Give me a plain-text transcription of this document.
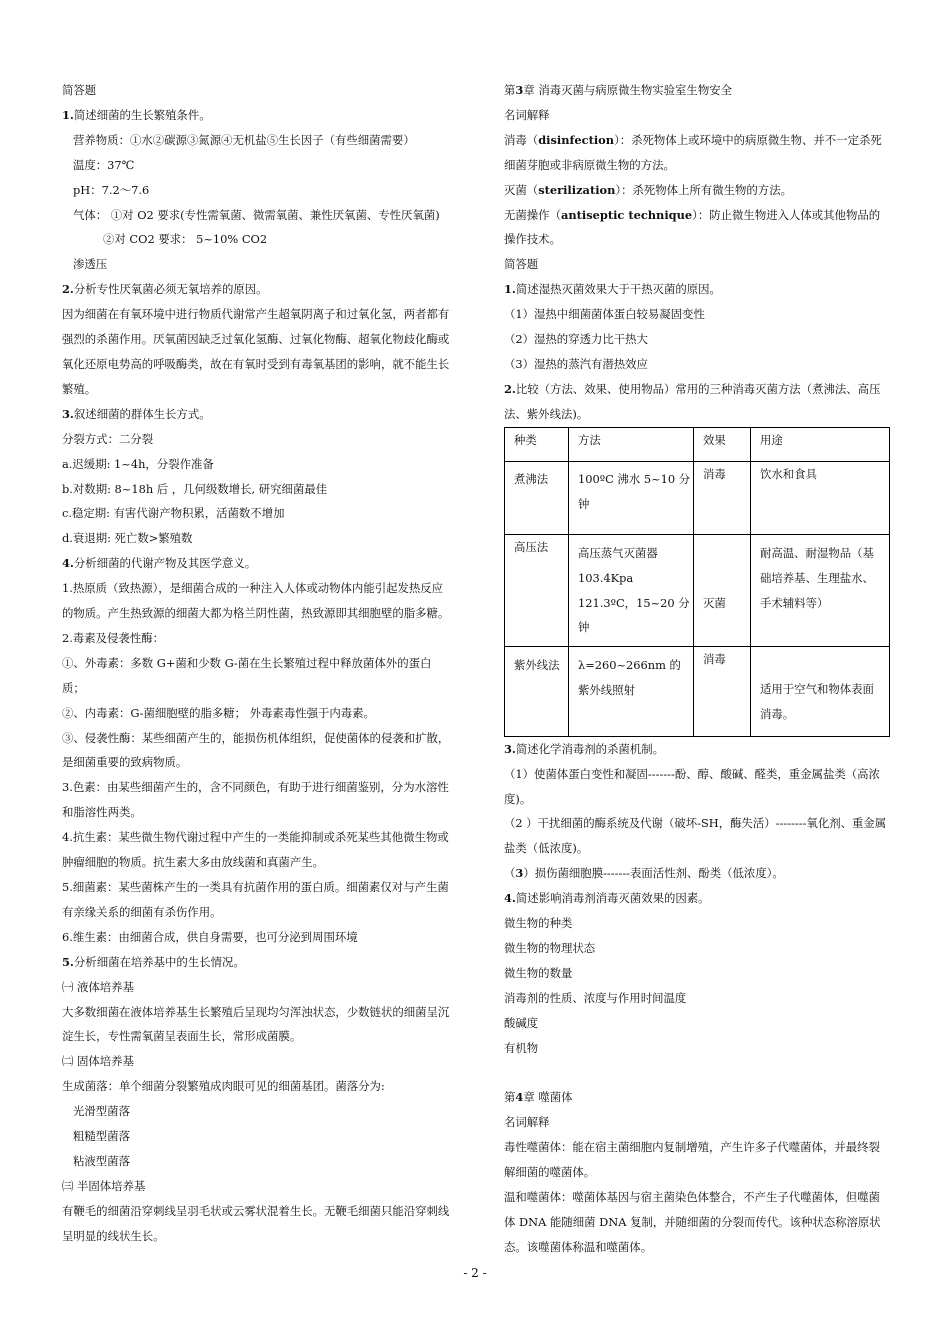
简答题

1.简述细菌的生长繁殖条件。

营养物质：①水②碳源③氮源④无机盐⑤生长因子（有些细菌需要）

温度：37℃

pH：7.2～7.6

气体： ①对 O2 要求(专性需氧菌、微需氧菌、兼性厌氧菌、专性厌氧菌)

②对 CO2 要求： 5~10% CO2

渗透压

2.分析专性厌氧菌必须无氧培养的原因。

因为细菌在有氧环境中进行物质代谢常产生超氧阴离子和过氧化氢，两者都有强烈的杀菌作用。厌氧菌因缺乏过氧化氢酶、过氧化物酶、超氧化物歧化酶或氧化还原电势高的呼吸酶类，故在有氧时受到有毒氧基团的影响，就不能生长繁殖。

3.叙述细菌的群体生长方式。

分裂方式：二分裂

a.迟缓期: 1~4h，分裂作准备

b.对数期: 8~18h 后 ，几何级数增长, 研究细菌最佳

c.稳定期: 有害代谢产物积累，活菌数不增加

d.衰退期: 死亡数>繁殖数

4.分析细菌的代谢产物及其医学意义。

1.热原质（致热源），是细菌合成的一种注入人体或动物体内能引起发热反应的物质。产生热致源的细菌大都为格兰阴性菌，热致源即其细胞壁的脂多糖。

2.毒素及侵袭性酶：

①、外毒素：多数 G+菌和少数 G-菌在生长繁殖过程中释放菌体外的蛋白质；

②、内毒素：G-菌细胞壁的脂多糖； 外毒素毒性强于内毒素。

③、侵袭性酶：某些细菌产生的，能损伤机体组织，促使菌体的侵袭和扩散，是细菌重要的致病物质。

3.色素：由某些细菌产生的，含不同颜色，有助于进行细菌鉴别，分为水溶性和脂溶性两类。

4.抗生素：某些微生物代谢过程中产生的一类能抑制或杀死某些其他微生物或肿瘤细胞的物质。抗生素大多由放线菌和真菌产生。

5.细菌素：某些菌株产生的一类具有抗菌作用的蛋白质。细菌素仅对与产生菌有亲缘关系的细菌有杀伤作用。

6.维生素：由细菌合成，供自身需要，也可分泌到周围环境

5.分析细菌在培养基中的生长情况。

㈠ 液体培养基

大多数细菌在液体培养基生长繁殖后呈现均匀浑浊状态，少数链状的细菌呈沉淀生长，专性需氧菌呈表面生长，常形成菌膜。

㈡ 固体培养基

生成菌落：单个细菌分裂繁殖成肉眼可见的细菌基团。菌落分为:

光滑型菌落

粗糙型菌落

粘液型菌落

㈢ 半固体培养基

有鞭毛的细菌沿穿刺线呈羽毛状或云雾状混着生长。无鞭毛细菌只能沿穿刺线呈明显的线状生长。

第3章 消毒灭菌与病原微生物实验室生物安全

名词解释

消毒（disinfection）：杀死物体上或环境中的病原微生物、并不一定杀死细菌芽胞或非病原微生物的方法。

灭菌（sterilization）：杀死物体上所有微生物的方法。

无菌操作（antiseptic technique）：防止微生物进入人体或其他物品的操作技术。

简答题

1.简述湿热灭菌效果大于干热灭菌的原因。

（1）湿热中细菌菌体蛋白较易凝固变性

（2）湿热的穿透力比干热大

（3）湿热的蒸汽有潜热效应

2.比较（方法、效果、使用物品）常用的三种消毒灭菌方法（煮沸法、高压法、紫外线法)。

种类	方法	效果	用途
煮沸法	100ºC 沸水 5~10 分钟	消毒	饮水和食具
高压法	高压蒸气灭菌器
103.4Kpa
121.3ºC，15~20 分钟	灭菌	耐高温、耐湿物品（基础培养基、生理盐水、手术辅料等）
紫外线法	λ=260~266nm 的紫外线照射	消毒	适用于空气和物体表面消毒。

3.简述化学消毒剂的杀菌机制。

（1）使菌体蛋白变性和凝固-------酚、醇、酸碱、醛类，重金属盐类（高浓度)。

（2 ）干扰细菌的酶系统及代谢（破坏-SH，酶失活）--------氧化剂、重金属盐类（低浓度)。

（3）损伤菌细胞膜-------表面活性剂、酚类（低浓度）。

4.简述影响消毒剂消毒灭菌效果的因素。

微生物的种类

微生物的物理状态

微生物的数量

消毒剂的性质、浓度与作用时间温度

酸碱度

有机物

第4章 噬菌体

名词解释

毒性噬菌体：能在宿主菌细胞内复制增殖，产生许多子代噬菌体，并最终裂解细菌的噬菌体。

温和噬菌体：噬菌体基因与宿主菌染色体整合，不产生子代噬菌体，但噬菌体 DNA 能随细菌 DNA 复制，并随细菌的分裂而传代。该种状态称溶原状态。该噬菌体称温和噬菌体。

- 2 -
